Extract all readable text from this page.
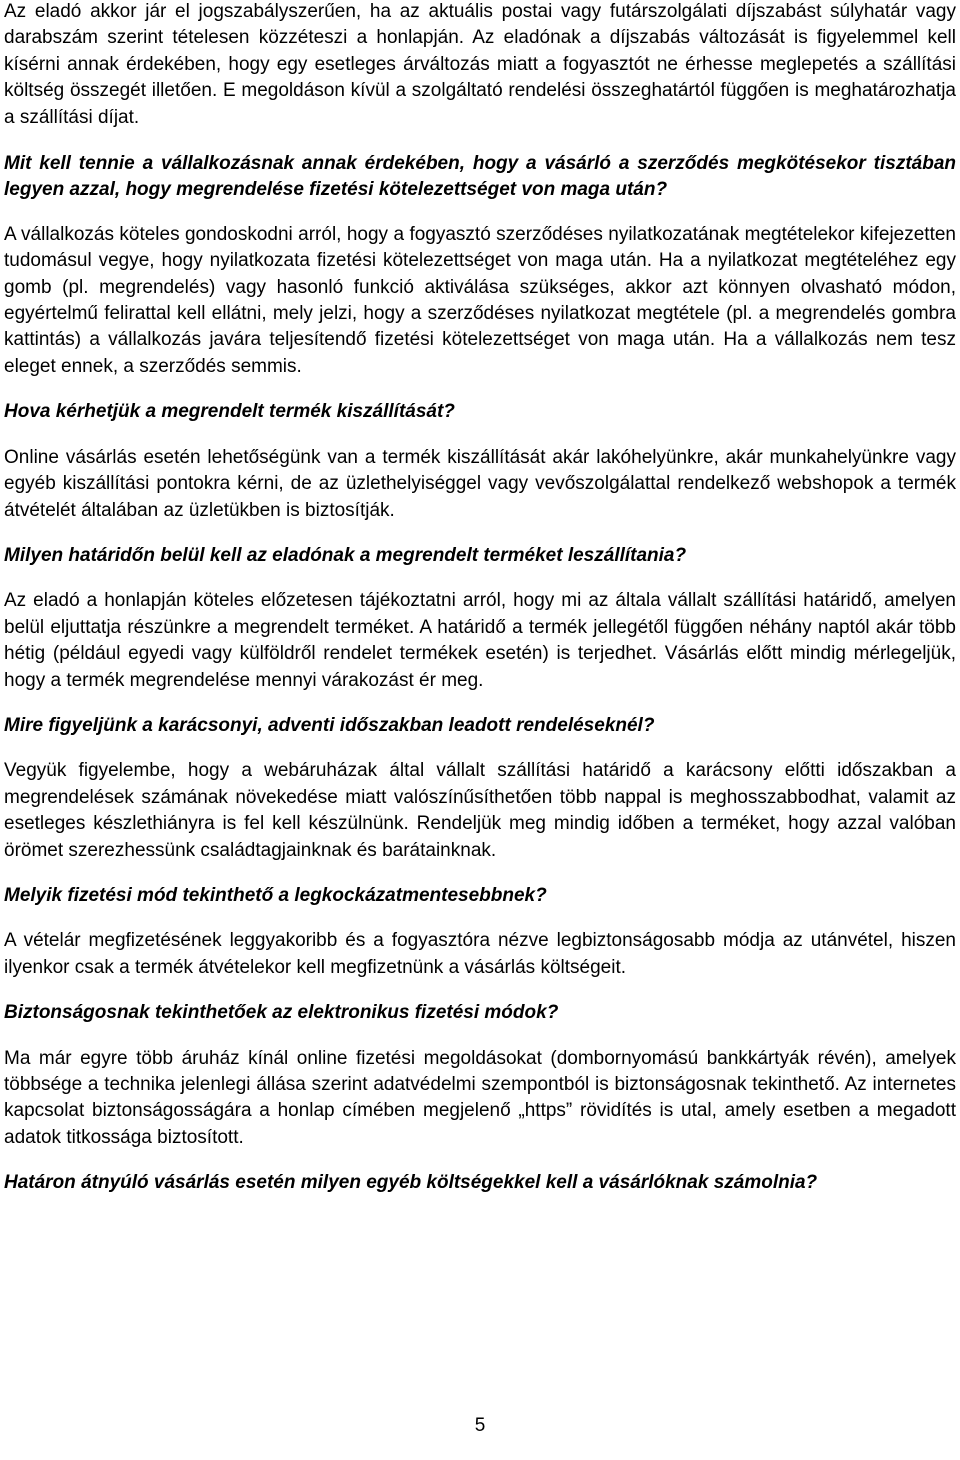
Az eladó akkor jár el jogszabályszerűen, ha az aktuális postai vagy futárszolgálati díjszabást súlyhatár vagy darabszám szerint tételesen közzéteszi a honlapján. Az eladónak a díjszabás változását is figyelemmel kell kísérni annak érdekében, hogy egy esetleges árváltozás miatt a fogyasztót ne érhesse meglepetés a szállítási költség összegét illetően. E megoldáson kívül a szolgáltató rendelési összeghatártól függően is meghatározhatja a szállítási díjat.

Mit kell tennie a vállalkozásnak annak érdekében, hogy a vásárló a szerződés megkötésekor tisztában legyen azzal, hogy megrendelése fizetési kötelezettséget von maga után?

A vállalkozás köteles gondoskodni arról, hogy a fogyasztó szerződéses nyilatkozatának megtételekor kifejezetten tudomásul vegye, hogy nyilatkozata fizetési kötelezettséget von maga után. Ha a nyilatkozat megtételéhez egy gomb (pl. megrendelés) vagy hasonló funkció aktiválása szükséges, akkor azt könnyen olvasható módon, egyértelmű felirattal kell ellátni, mely jelzi, hogy a szerződéses nyilatkozat megtétele (pl. a megrendelés gombra kattintás) a vállalkozás javára teljesítendő fizetési kötelezettséget von maga után. Ha a vállalkozás nem tesz eleget ennek, a szerződés semmis.

Hova kérhetjük a megrendelt termék kiszállítását?

Online vásárlás esetén lehetőségünk van a termék kiszállítását akár lakóhelyünkre, akár munkahelyünkre vagy egyéb kiszállítási pontokra kérni, de az üzlethelyiséggel vagy vevőszolgálattal rendelkező webshopok a termék átvételét általában az üzletükben is biztosítják.

Milyen határidőn belül kell az eladónak a megrendelt terméket leszállítania?

Az eladó a honlapján köteles előzetesen tájékoztatni arról, hogy mi az általa vállalt szállítási határidő, amelyen belül eljuttatja részünkre a megrendelt terméket. A határidő a termék jellegétől függően néhány naptól akár több hétig (például egyedi vagy külföldről rendelet termékek esetén) is terjedhet. Vásárlás előtt mindig mérlegeljük, hogy a termék megrendelése mennyi várakozást ér meg.

Mire figyeljünk a karácsonyi, adventi időszakban leadott rendeléseknél?

Vegyük figyelembe, hogy a webáruházak által vállalt szállítási határidő a karácsony előtti időszakban a megrendelések számának növekedése miatt valószínűsíthetően több nappal is meghosszabbodhat, valamit az esetleges készlethiányra is fel kell készülnünk. Rendeljük meg mindig időben a terméket, hogy azzal valóban örömet szerezhessünk családtagjainknak és barátainknak.

Melyik fizetési mód tekinthető a legkockázatmentesebbnek?

A vételár megfizetésének leggyakoribb és a fogyasztóra nézve legbiztonságosabb módja az utánvétel, hiszen ilyenkor csak a termék átvételekor kell megfizetnünk a vásárlás költségeit.

Biztonságosnak tekinthetőek az elektronikus fizetési módok?

Ma már egyre több áruház kínál online fizetési megoldásokat (dombornyomású bankkártyák révén), amelyek többsége a technika jelenlegi állása szerint adatvédelmi szempontból is biztonságosnak tekinthető. Az internetes kapcsolat biztonságosságára a honlap címében megjelenő „https” rövidítés is utal, amely esetben a megadott adatok titkossága biztosított.

Határon átnyúló vásárlás esetén milyen egyéb költségekkel kell a vásárlóknak számolnia?

5
